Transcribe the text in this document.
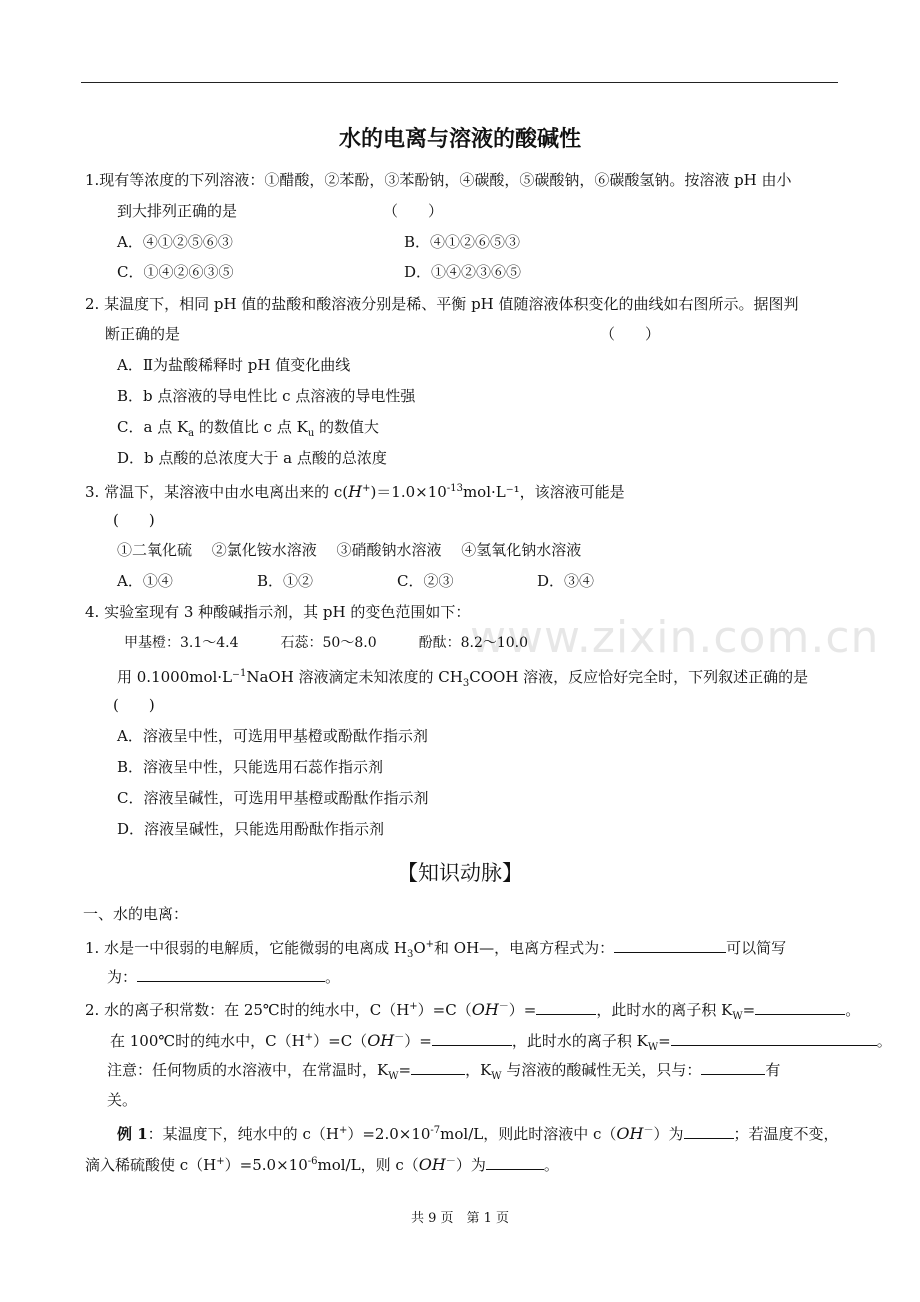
www.zixin.com.cn
水的电离与溶液的酸碱性
1.现有等浓度的下列溶液：①醋酸，②苯酚，③苯酚钠，④碳酸，⑤碳酸钠，⑥碳酸氢钠。按溶液 pH 由小
到大排列正确的是	（　　）
A．④①②⑤⑥③	B．④①②⑥⑤③
C．①④②⑥③⑤	D．①④②③⑥⑤
2. 某温度下，相同 pH 值的盐酸和酸溶液分别是稀、平衡 pH 值随溶液体积变化的曲线如右图所示。据图判
断正确的是	（　　）
A．Ⅱ为盐酸稀释时 pH 值变化曲线
B．b 点溶液的导电性比 c 点溶液的导电性强
C．a 点 $K_a$ 的数值比 c 点 $K_u$ 的数值大
D．b 点酸的总浓度大于 a 点酸的总浓度
3. 常温下，某溶液中由水电离出来的 $c(H^+)=1.0\times 10^{-13}mol\cdot L^{-1}$，该溶液可能是
(　　)
①二氧化硫　 ②氯化铵水溶液　 ③硝酸钠水溶液　 ④氢氧化钠水溶液
A．①④	B．①②	C．②③	D．③④
4. 实验室现有 3 种酸碱指示剂，其 pH 的变色范围如下：
甲基橙：3.1～4.4　　　石蕊：50～8.0　　　酚酞：8.2～10.0
用 0.1000mol·L⁻$^1$NaOH 溶液滴定未知浓度的 $CH_3COOH$ 溶液，反应恰好完全时，下列叙述正确的是
(　　)
A．溶液呈中性，可选用甲基橙或酚酞作指示剂
B．溶液呈中性，只能选用石蕊作指示剂
C．溶液呈碱性，可选用甲基橙或酚酞作指示剂
D．溶液呈碱性，只能选用酚酞作指示剂
【知识动脉】
一、水的电离：
1. 水是一中很弱的电解质，它能微弱的电离成 $H_3O^+$和 OH—，电离方程式为：	可以简写
为：	。
2. 水的离子积常数：在 25℃时的纯水中，C（H+）=C（OH－）=	，此时水的离子积 $K_W=$	。
在 100℃时的纯水中，C（H+）=C（OH－）=	，此时水的离子积 $K_W=$	。
注意：任何物质的水溶液中，在常温时，$K_W=$	，$K_W$ 与溶液的酸碱性无关，只与：	有
关。
例 1：某温度下，纯水中的 $c(H^+)=2.0\times 10^{-7}mol/L$，则此时溶液中 c（OH－）为	；若温度不变，
滴入稀硫酸使 $c(H^+)=5.0\times 10^{-6}mol/L$，则 c（OH－）为	。
共 9 页　第 1 页
